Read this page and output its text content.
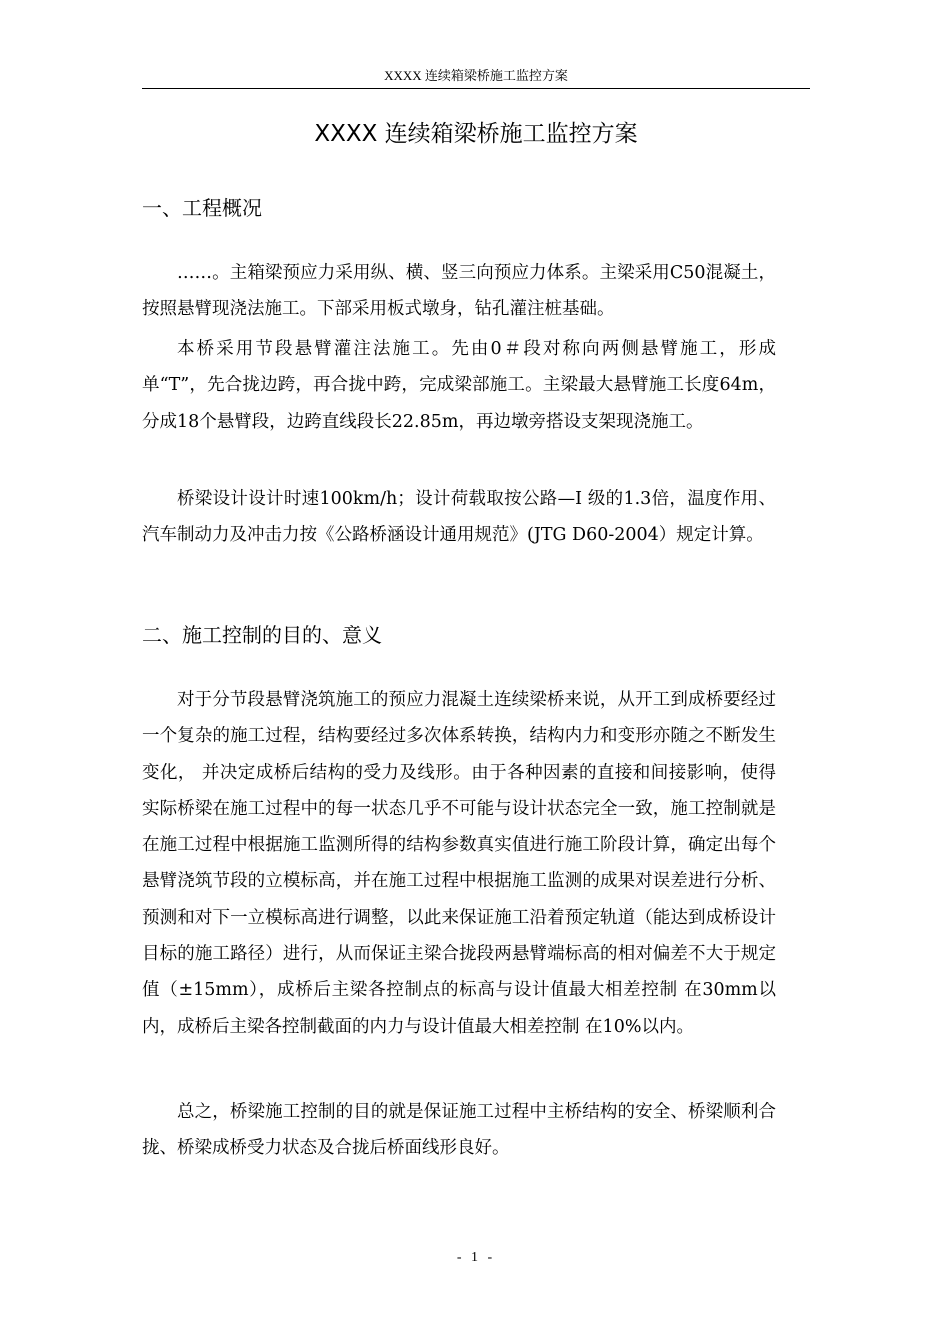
XXXX 连续箱梁桥施工监控方案
XXXX 连续箱梁桥施工监控方案
一、工程概况

……。主箱梁预应力采用纵、横、竖三向预应力体系。主梁采用C50混凝土，按照悬臂现浇法施工。下部采用板式墩身，钻孔灌注桩基础。

本桥采用节段悬臂灌注法施工。先由0＃段对称向两侧悬臂施工，形成单“T”，先合拢边跨，再合拢中跨，完成梁部施工。主梁最大悬臂施工长度64m，分成18个悬臂段，边跨直线段长22.85m，再边墩旁搭设支架现浇施工。

桥梁设计设计时速100km/h；设计荷载取按公路—I 级的1.3倍，温度作用、汽车制动力及冲击力按《公路桥涵设计通用规范》(JTG D60-2004）规定计算。

二、施工控制的目的、意义

对于分节段悬臂浇筑施工的预应力混凝土连续梁桥来说，从开工到成桥要经过一个复杂的施工过程，结构要经过多次体系转换，结构内力和变形亦随之不断发生变化， 并决定成桥后结构的受力及线形。由于各种因素的直接和间接影响，使得实际桥梁在施工过程中的每一状态几乎不可能与设计状态完全一致，施工控制就是在施工过程中根据施工监测所得的结构参数真实值进行施工阶段计算，确定出每个悬臂浇筑节段的立模标高，并在施工过程中根据施工监测的成果对误差进行分析、预测和对下一立模标高进行调整，以此来保证施工沿着预定轨道（能达到成桥设计目标的施工路径）进行，从而保证主梁合拢段两悬臂端标高的相对偏差不大于规定值（±15mm），成桥后主梁各控制点的标高与设计值最大相差控制 在30mm以内，成桥后主梁各控制截面的内力与设计值最大相差控制 在10%以内。

总之，桥梁施工控制的目的就是保证施工过程中主桥结构的安全、桥梁顺利合拢、桥梁成桥受力状态及合拢后桥面线形良好。

- 1 -
